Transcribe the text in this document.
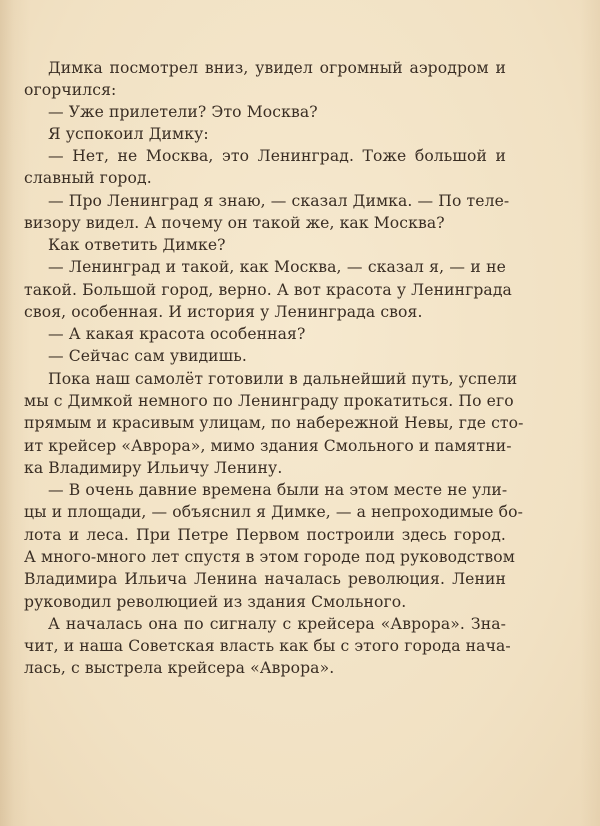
Димка посмотрел вниз, увидел огромный аэродром и
огорчился:
— Уже прилетели? Это Москва?
Я успокоил Димку:
— Нет, не Москва, это Ленинград. Тоже большой и
славный город.
— Про Ленинград я знаю, — сказал Димка. — По теле-
визору видел. А почему он такой же, как Москва?
Как ответить Димке?
— Ленинград и такой, как Москва, — сказал я, — и не
такой. Большой город, верно. А вот красота у Ленинграда
своя, особенная. И история у Ленинграда своя.
— А какая красота особенная?
— Сейчас сам увидишь.
Пока наш самолёт готовили в дальнейший путь, успели
мы с Димкой немного по Ленинграду прокатиться. По его
прямым и красивым улицам, по набережной Невы, где сто-
ит крейсер «Аврора», мимо здания Смольного и памятни-
ка Владимиру Ильичу Ленину.
— В очень давние времена были на этом месте не ули-
цы и площади, — объяснил я Димке, — а непроходимые бо-
лота и леса. При Петре Первом построили здесь город.
А много-много лет спустя в этом городе под руководством
Владимира Ильича Ленина началась революция. Ленин
руководил революцией из здания Смольного.
А началась она по сигналу с крейсера «Аврора». Зна-
чит, и наша Советская власть как бы с этого города нача-
лась, с выстрела крейсера «Аврора».
